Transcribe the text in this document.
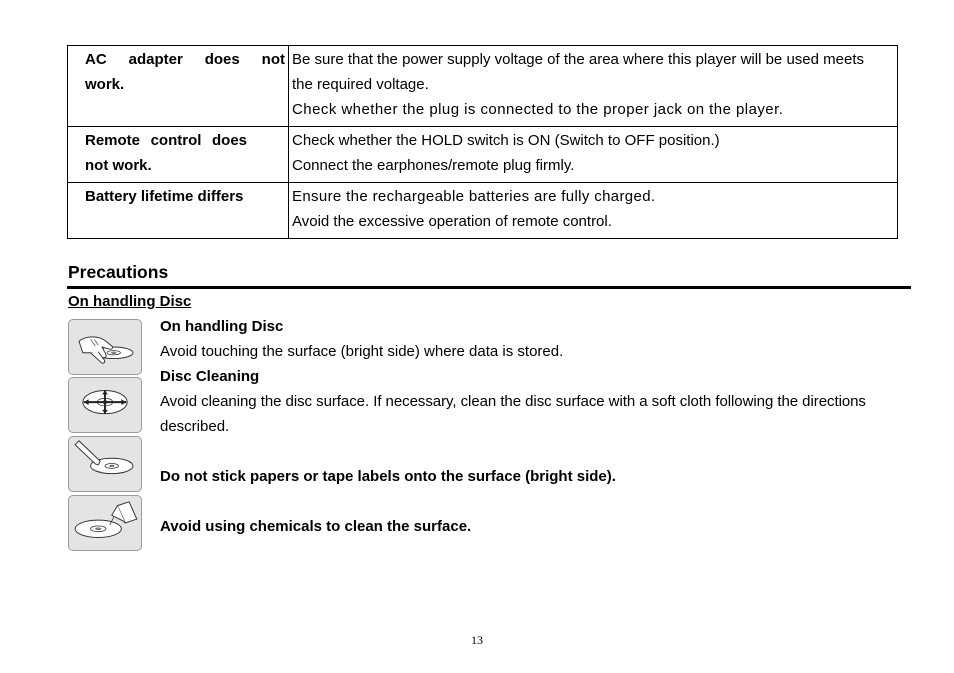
AC adapter does not
work.	Be sure that the power supply voltage of the area where this player will be used meets
the required voltage.
Check whether the plug is connected to the proper jack on the player.

Remote control does
not work.	Check whether the HOLD switch is ON (Switch to OFF position.)
Connect the earphones/remote plug firmly.

Battery lifetime differs	Ensure the rechargeable batteries are fully charged.
Avoid the excessive operation of remote control.
Precautions
On handling Disc
On handling Disc
Avoid touching the surface (bright side) where data is stored.
Disc Cleaning
Avoid cleaning the disc surface. If necessary, clean the disc surface with a soft cloth following the directions
described.
Do not stick papers or tape labels onto the surface (bright side).
Avoid using chemicals to clean the surface.
13
